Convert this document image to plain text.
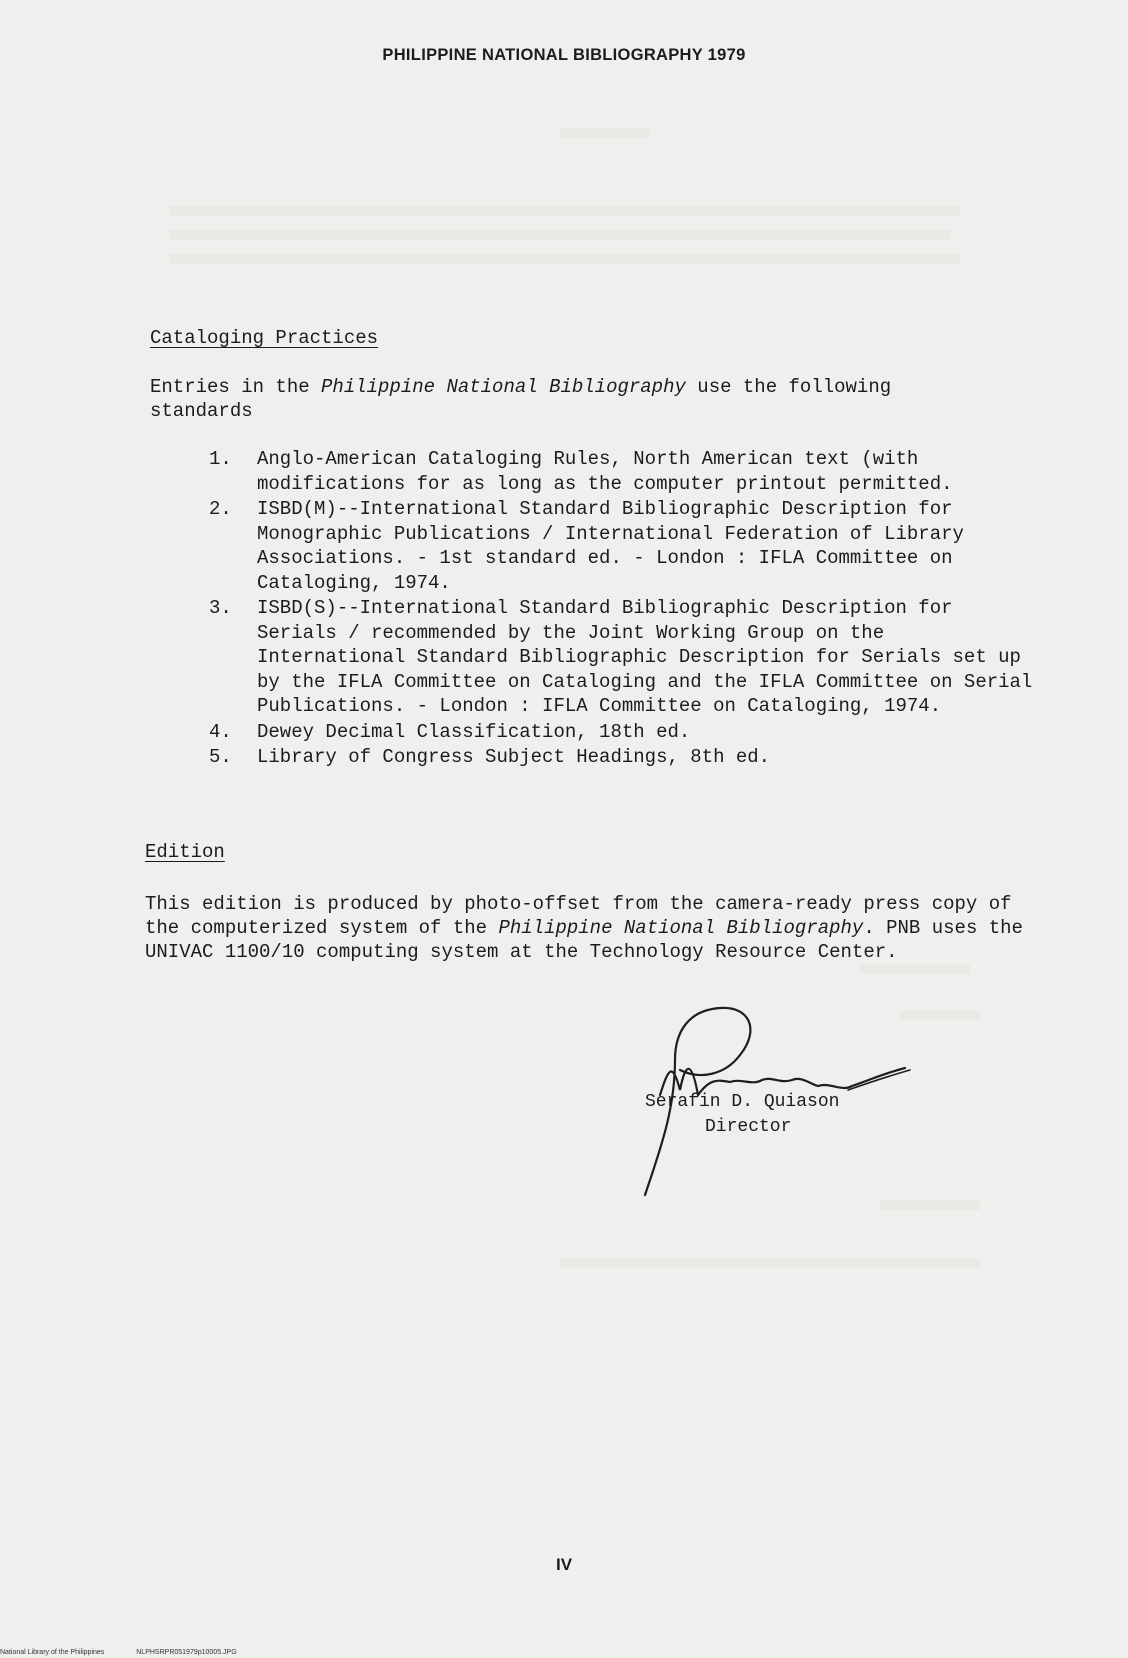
PHILIPPINE NATIONAL BIBLIOGRAPHY 1979
Cataloging Practices

Entries in the Philippine National Bibliography use the following standards

1. Anglo-American Cataloging Rules, North American text (with modifications for as long as the computer printout permitted.
2. ISBD(M)--International Standard Bibliographic Description for Monographic Publications / International Federation of Library Associations. - 1st standard ed. - London : IFLA Committee on Cataloging, 1974.
3. ISBD(S)--International Standard Bibliographic Description for Serials / recommended by the Joint Working Group on the International Standard Bibliographic Description for Serials set up by the IFLA Committee on Cataloging and the IFLA Committee on Serial Publications. - London : IFLA Committee on Cataloging, 1974.
4. Dewey Decimal Classification, 18th ed.
5. Library of Congress Subject Headings, 8th ed.
Edition

This edition is produced by photo-offset from the camera-ready press copy of the computerized system of the Philippine National Bibliography. PNB uses the UNIVAC 1100/10 computing system at the Technology Resource Center.

Serafin D. Quiason
Director
IV
National Library of the Philippines	NLPHSRPR051979p10005.JPG
